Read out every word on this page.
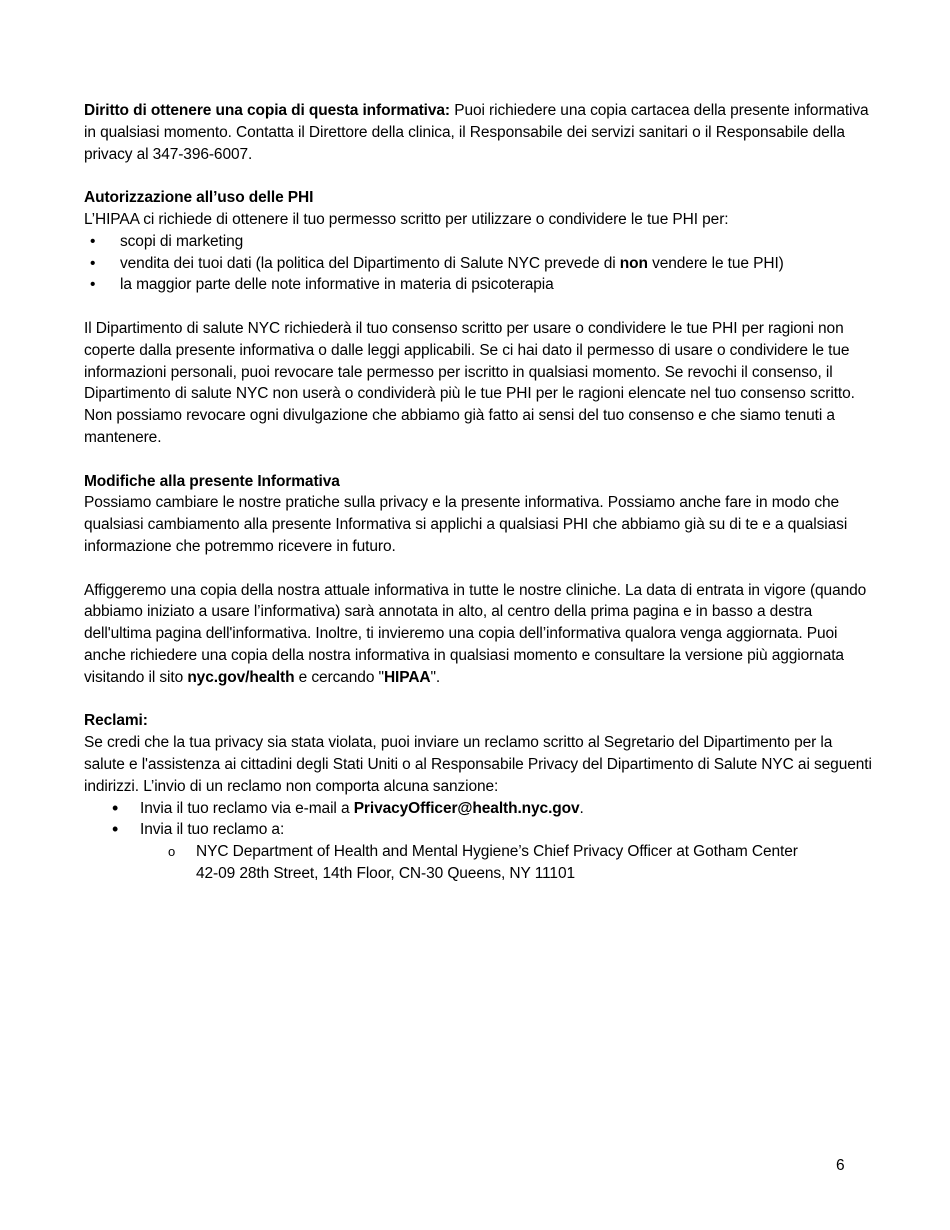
Diritto di ottenere una copia di questa informativa: Puoi richiedere una copia cartacea della presente informativa in qualsiasi momento. Contatta il Direttore della clinica, il Responsabile dei servizi sanitari o il Responsabile della privacy al 347-396-6007.

Autorizzazione all’uso delle PHI

L’HIPAA ci richiede di ottenere il tuo permesso scritto per utilizzare o condividere le tue PHI per:

• scopi di marketing
• vendita dei tuoi dati (la politica del Dipartimento di Salute NYC prevede di non vendere le tue PHI)
• la maggior parte delle note informative in materia di psicoterapia

Il Dipartimento di salute NYC richiederà il tuo consenso scritto per usare o condividere le tue PHI per ragioni non coperte dalla presente informativa o dalle leggi applicabili. Se ci hai dato il permesso di usare o condividere le tue informazioni personali, puoi revocare tale permesso per iscritto in qualsiasi momento. Se revochi il consenso, il Dipartimento di salute NYC non userà o condividerà più le tue PHI per le ragioni elencate nel tuo consenso scritto. Non possiamo revocare ogni divulgazione che abbiamo già fatto ai sensi del tuo consenso e che siamo tenuti a mantenere.

Modifiche alla presente Informativa

Possiamo cambiare le nostre pratiche sulla privacy e la presente informativa. Possiamo anche fare in modo che qualsiasi cambiamento alla presente Informativa si applichi a qualsiasi PHI che abbiamo già su di te e a qualsiasi informazione che potremmo ricevere in futuro.

Affiggeremo una copia della nostra attuale informativa in tutte le nostre cliniche. La data di entrata in vigore (quando abbiamo iniziato a usare l’informativa) sarà annotata in alto, al centro della prima pagina e in basso a destra dell'ultima pagina dell'informativa. Inoltre, ti invieremo una copia dell’informativa qualora venga aggiornata. Puoi anche richiedere una copia della nostra informativa in qualsiasi momento e consultare la versione più aggiornata visitando il sito nyc.gov/health e cercando "HIPAA".

Reclami:

Se credi che la tua privacy sia stata violata, puoi inviare un reclamo scritto al Segretario del Dipartimento per la salute e l'assistenza ai cittadini degli Stati Uniti o al Responsabile Privacy del Dipartimento di Salute NYC ai seguenti indirizzi. L’invio di un reclamo non comporta alcuna sanzione:

• Invia il tuo reclamo via e-mail a PrivacyOfficer@health.nyc.gov.
• Invia il tuo reclamo a:
o NYC Department of Health and Mental Hygiene’s Chief Privacy Officer at Gotham Center
42-09 28th Street, 14th Floor, CN-30 Queens, NY 11101
6
